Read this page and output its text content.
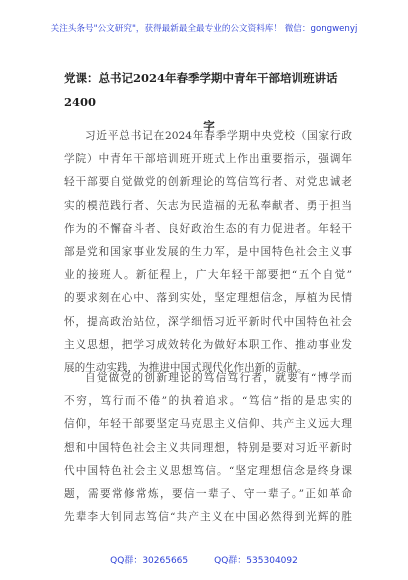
关注头条号"公文研究"，获得最新最全最专业的公文资料库！ 微信：gongwenyj
党课：总书记2024年春季学期中青年干部培训班讲话2400
字
习近平总书记在2024年春季学期中央党校（国家行政
学院）中青年干部培训班开班式上作出重要指示，强调年
轻干部要自觉做党的创新理论的笃信笃行者、对党忠诚老
实的模范践行者、矢志为民造福的无私奉献者、勇于担当
作为的不懈奋斗者、良好政治生态的有力促进者。年轻干
部是党和国家事业发展的生力军，是中国特色社会主义事
业的接班人。新征程上，广大年轻干部要把“五个自觉”
的要求刻在心中、落到实处，坚定理想信念，厚植为民情
怀，提高政治站位，深学细悟习近平新时代中国特色社会
主义思想，把学习成效转化为做好本职工作、推动事业发
展的生动实践，为推进中国式现代化作出新的贡献。
自觉做党的创新理论的笃信笃行者，就要有“博学而
不穷，笃行而不倦”的执着追求。“笃信”指的是忠实的
信仰，年轻干部要坚定马克思主义信仰、共产主义远大理
想和中国特色社会主义共同理想，特别是要对习近平新时
代中国特色社会主义思想笃信。“坚定理想信念是终身课
题，需要常修常炼，要信一辈子、守一辈子。”正如革命
先辈李大钊同志笃信“共产主义在中国必然得到光辉的胜
QQ群：30265665	QQ群：535304092
